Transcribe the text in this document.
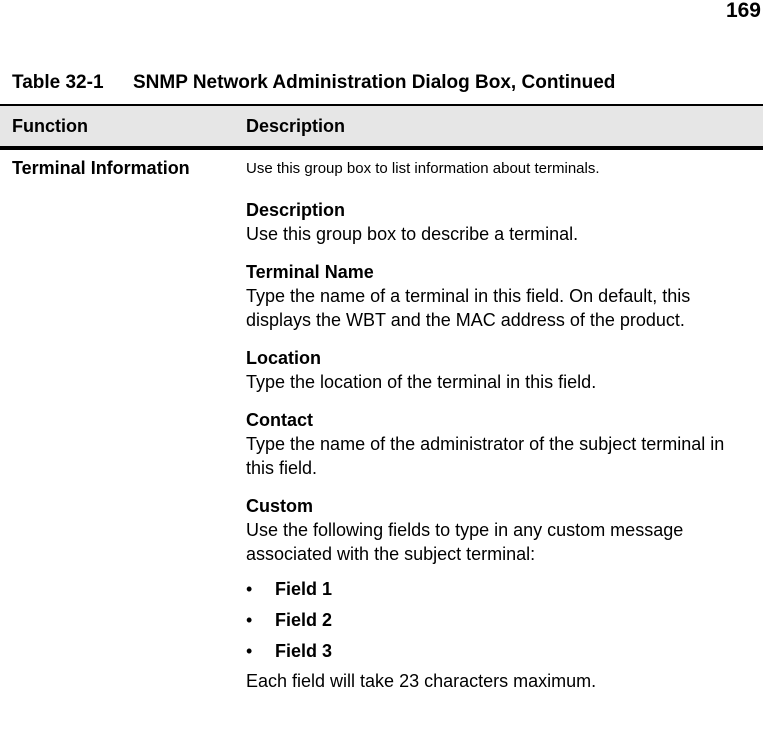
169
Table 32-1 SNMP Network Administration Dialog Box, Continued
Function	Description
Terminal Information	Use this group box to list information about terminals.

Description
Use this group box to describe a terminal.
Terminal Name
Type the name of a terminal in this field. On default, this displays the WBT and the MAC address of the product.
Location
Type the location of the terminal in this field.
Contact
Type the name of the administrator of the subject terminal in this field.
Custom
Use the following fields to type in any custom message associated with the subject terminal:
• Field 1
• Field 2
• Field 3
Each field will take 23 characters maximum.
